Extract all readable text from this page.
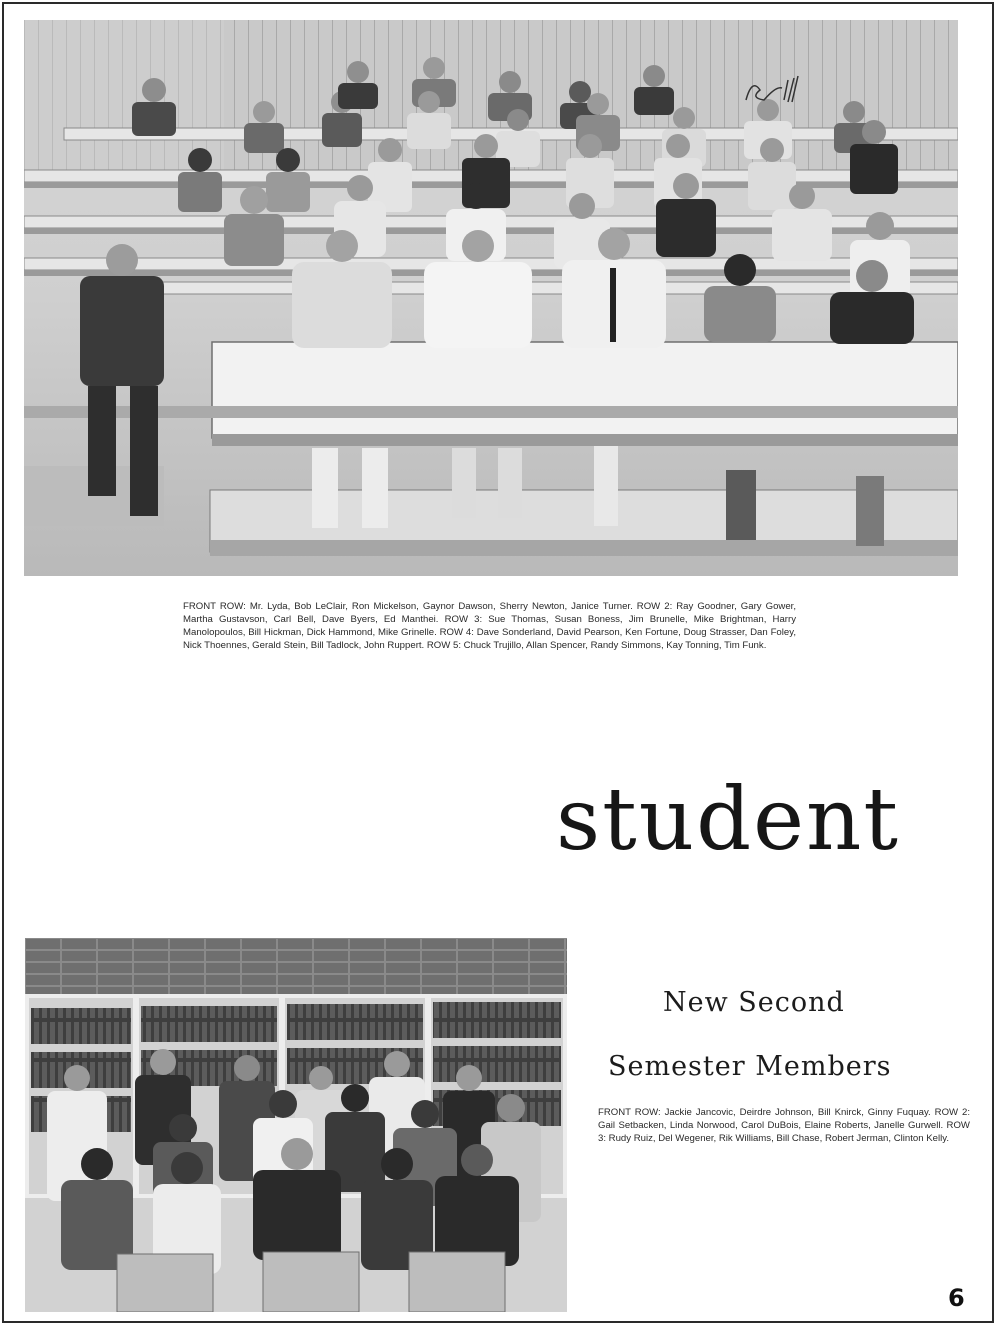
FRONT ROW: Mr. Lyda, Bob LeClair, Ron Mickelson, Gaynor Dawson, Sherry Newton, Janice Turner. ROW 2: Ray Goodner, Gary Gower, Martha Gustavson, Carl Bell, Dave Byers, Ed Manthei. ROW 3: Sue Thomas, Susan Boness, Jim Brunelle, Mike Brightman, Harry Manolopoulos, Bill Hickman, Dick Hammond, Mike Grinelle. ROW 4: Dave Sonderland, David Pearson, Ken Fortune, Doug Strasser, Dan Foley, Nick Thoennes, Gerald Stein, Bill Tadlock, John Ruppert. ROW 5: Chuck Trujillo, Allan Spencer, Randy Simmons, Kay Tonning, Tim Funk.

student
New Second
Semester Members

FRONT ROW: Jackie Jancovic, Deirdre Johnson, Bill Knirck, Ginny Fuquay. ROW 2: Gail Setbacken, Linda Norwood, Carol DuBois, Elaine Roberts, Janelle Gurwell. ROW 3: Rudy Ruiz, Del Wegener, Rik Williams, Bill Chase, Robert Jerman, Clinton Kelly.

6
